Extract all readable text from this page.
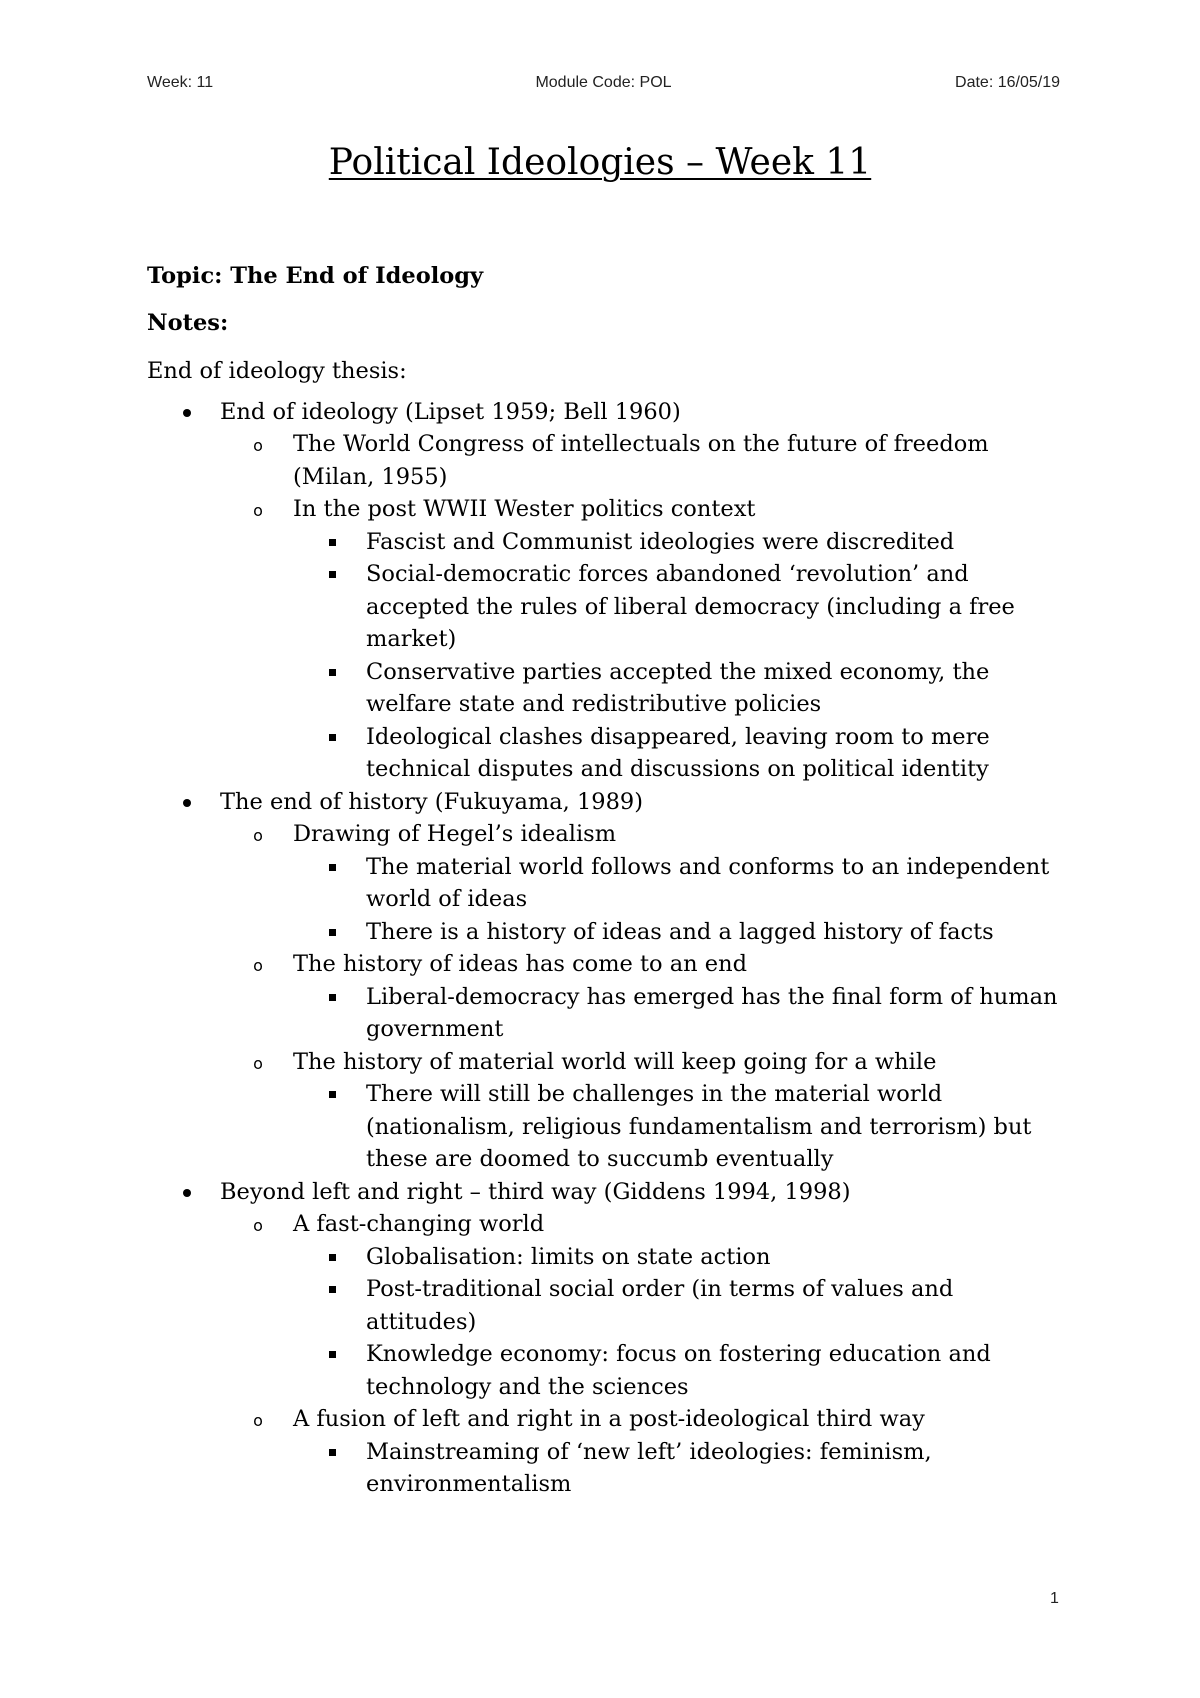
Week: 11	Module Code: POL	Date: 16/05/19
Political Ideologies – Week 11

Topic: The End of Ideology

Notes:

End of ideology thesis:

End of ideology (Lipset 1959; Bell 1960)
o The World Congress of intellectuals on the future of freedom (Milan, 1955)
o In the post WWII Wester politics context
Fascist and Communist ideologies were discredited
Social-democratic forces abandoned ‘revolution’ and accepted the rules of liberal democracy (including a free market)
Conservative parties accepted the mixed economy, the welfare state and redistributive policies
Ideological clashes disappeared, leaving room to mere technical disputes and discussions on political identity
The end of history (Fukuyama, 1989)
o Drawing of Hegel’s idealism
The material world follows and conforms to an independent world of ideas
There is a history of ideas and a lagged history of facts
o The history of ideas has come to an end
Liberal-democracy has emerged has the final form of human government
o The history of material world will keep going for a while
There will still be challenges in the material world (nationalism, religious fundamentalism and terrorism) but these are doomed to succumb eventually
Beyond left and right – third way (Giddens 1994, 1998)
o A fast-changing world
Globalisation: limits on state action
Post-traditional social order (in terms of values and attitudes)
Knowledge economy: focus on fostering education and technology and the sciences
o A fusion of left and right in a post-ideological third way
Mainstreaming of ‘new left’ ideologies: feminism, environmentalism
1
